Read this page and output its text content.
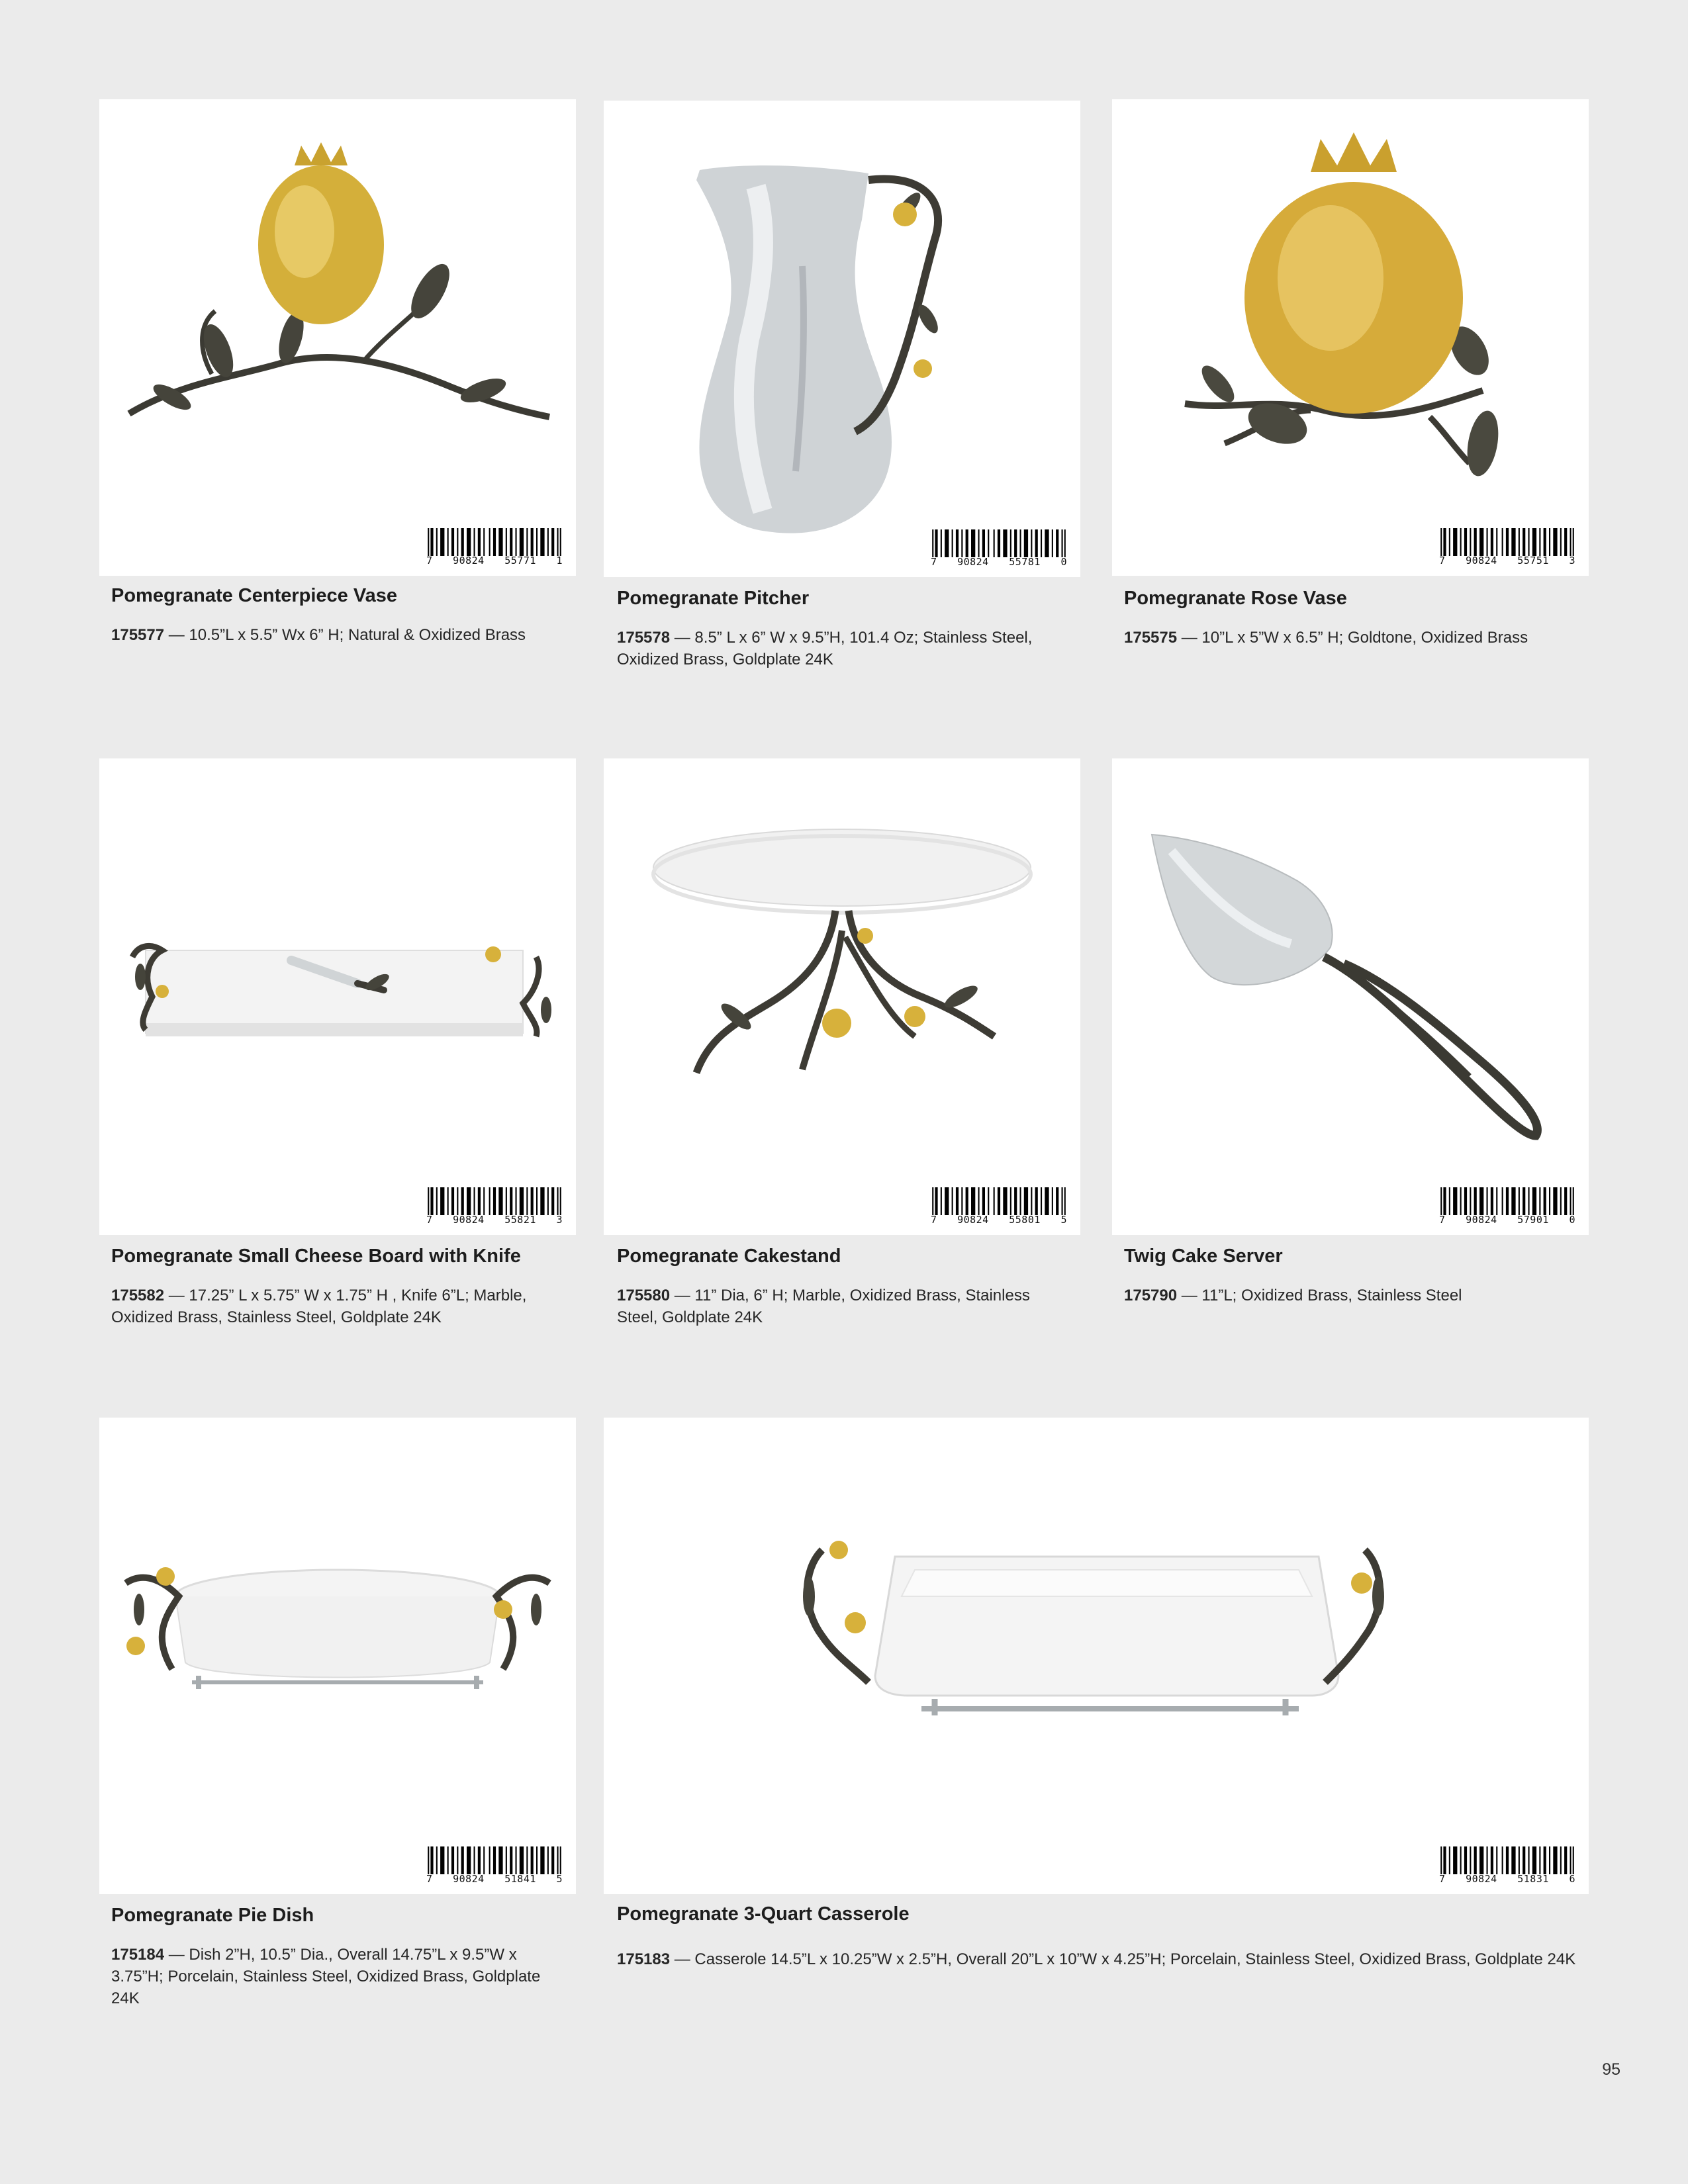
7 90824 55771 1
Pomegranate Centerpiece Vase
175577 — 10.5”L x 5.5” Wx 6” H; Natural & Oxidized Brass
7 90824 55781 0
Pomegranate Pitcher
175578 — 8.5” L x 6” W x 9.5”H, 101.4 Oz; Stainless Steel, Oxidized Brass, Goldplate 24K
7 90824 55751 3
Pomegranate Rose Vase
175575 — 10”L x 5”W x 6.5” H; Goldtone, Oxidized Brass
7 90824 55821 3
Pomegranate Small Cheese Board with Knife
175582 — 17.25” L x 5.75” W x 1.75” H , Knife 6”L; Marble, Oxidized Brass, Stainless Steel, Goldplate 24K
7 90824 55801 5
Pomegranate Cakestand
175580 — 11” Dia, 6” H; Marble, Oxidized Brass, Stainless Steel, Goldplate 24K
7 90824 57901 0
Twig Cake Server
175790 — 11”L; Oxidized Brass, Stainless Steel
7 90824 51841 5
Pomegranate Pie Dish
175184 — Dish 2”H, 10.5” Dia., Overall 14.75”L x 9.5”W x 3.75”H; Porcelain, Stainless Steel, Oxidized Brass, Goldplate 24K
7 90824 51831 6
Pomegranate 3-Quart Casserole
175183 — Casserole 14.5”L x 10.25”W x 2.5”H, Overall 20”L x 10”W x 4.25”H; Porcelain, Stainless Steel, Oxidized Brass, Goldplate 24K
95
